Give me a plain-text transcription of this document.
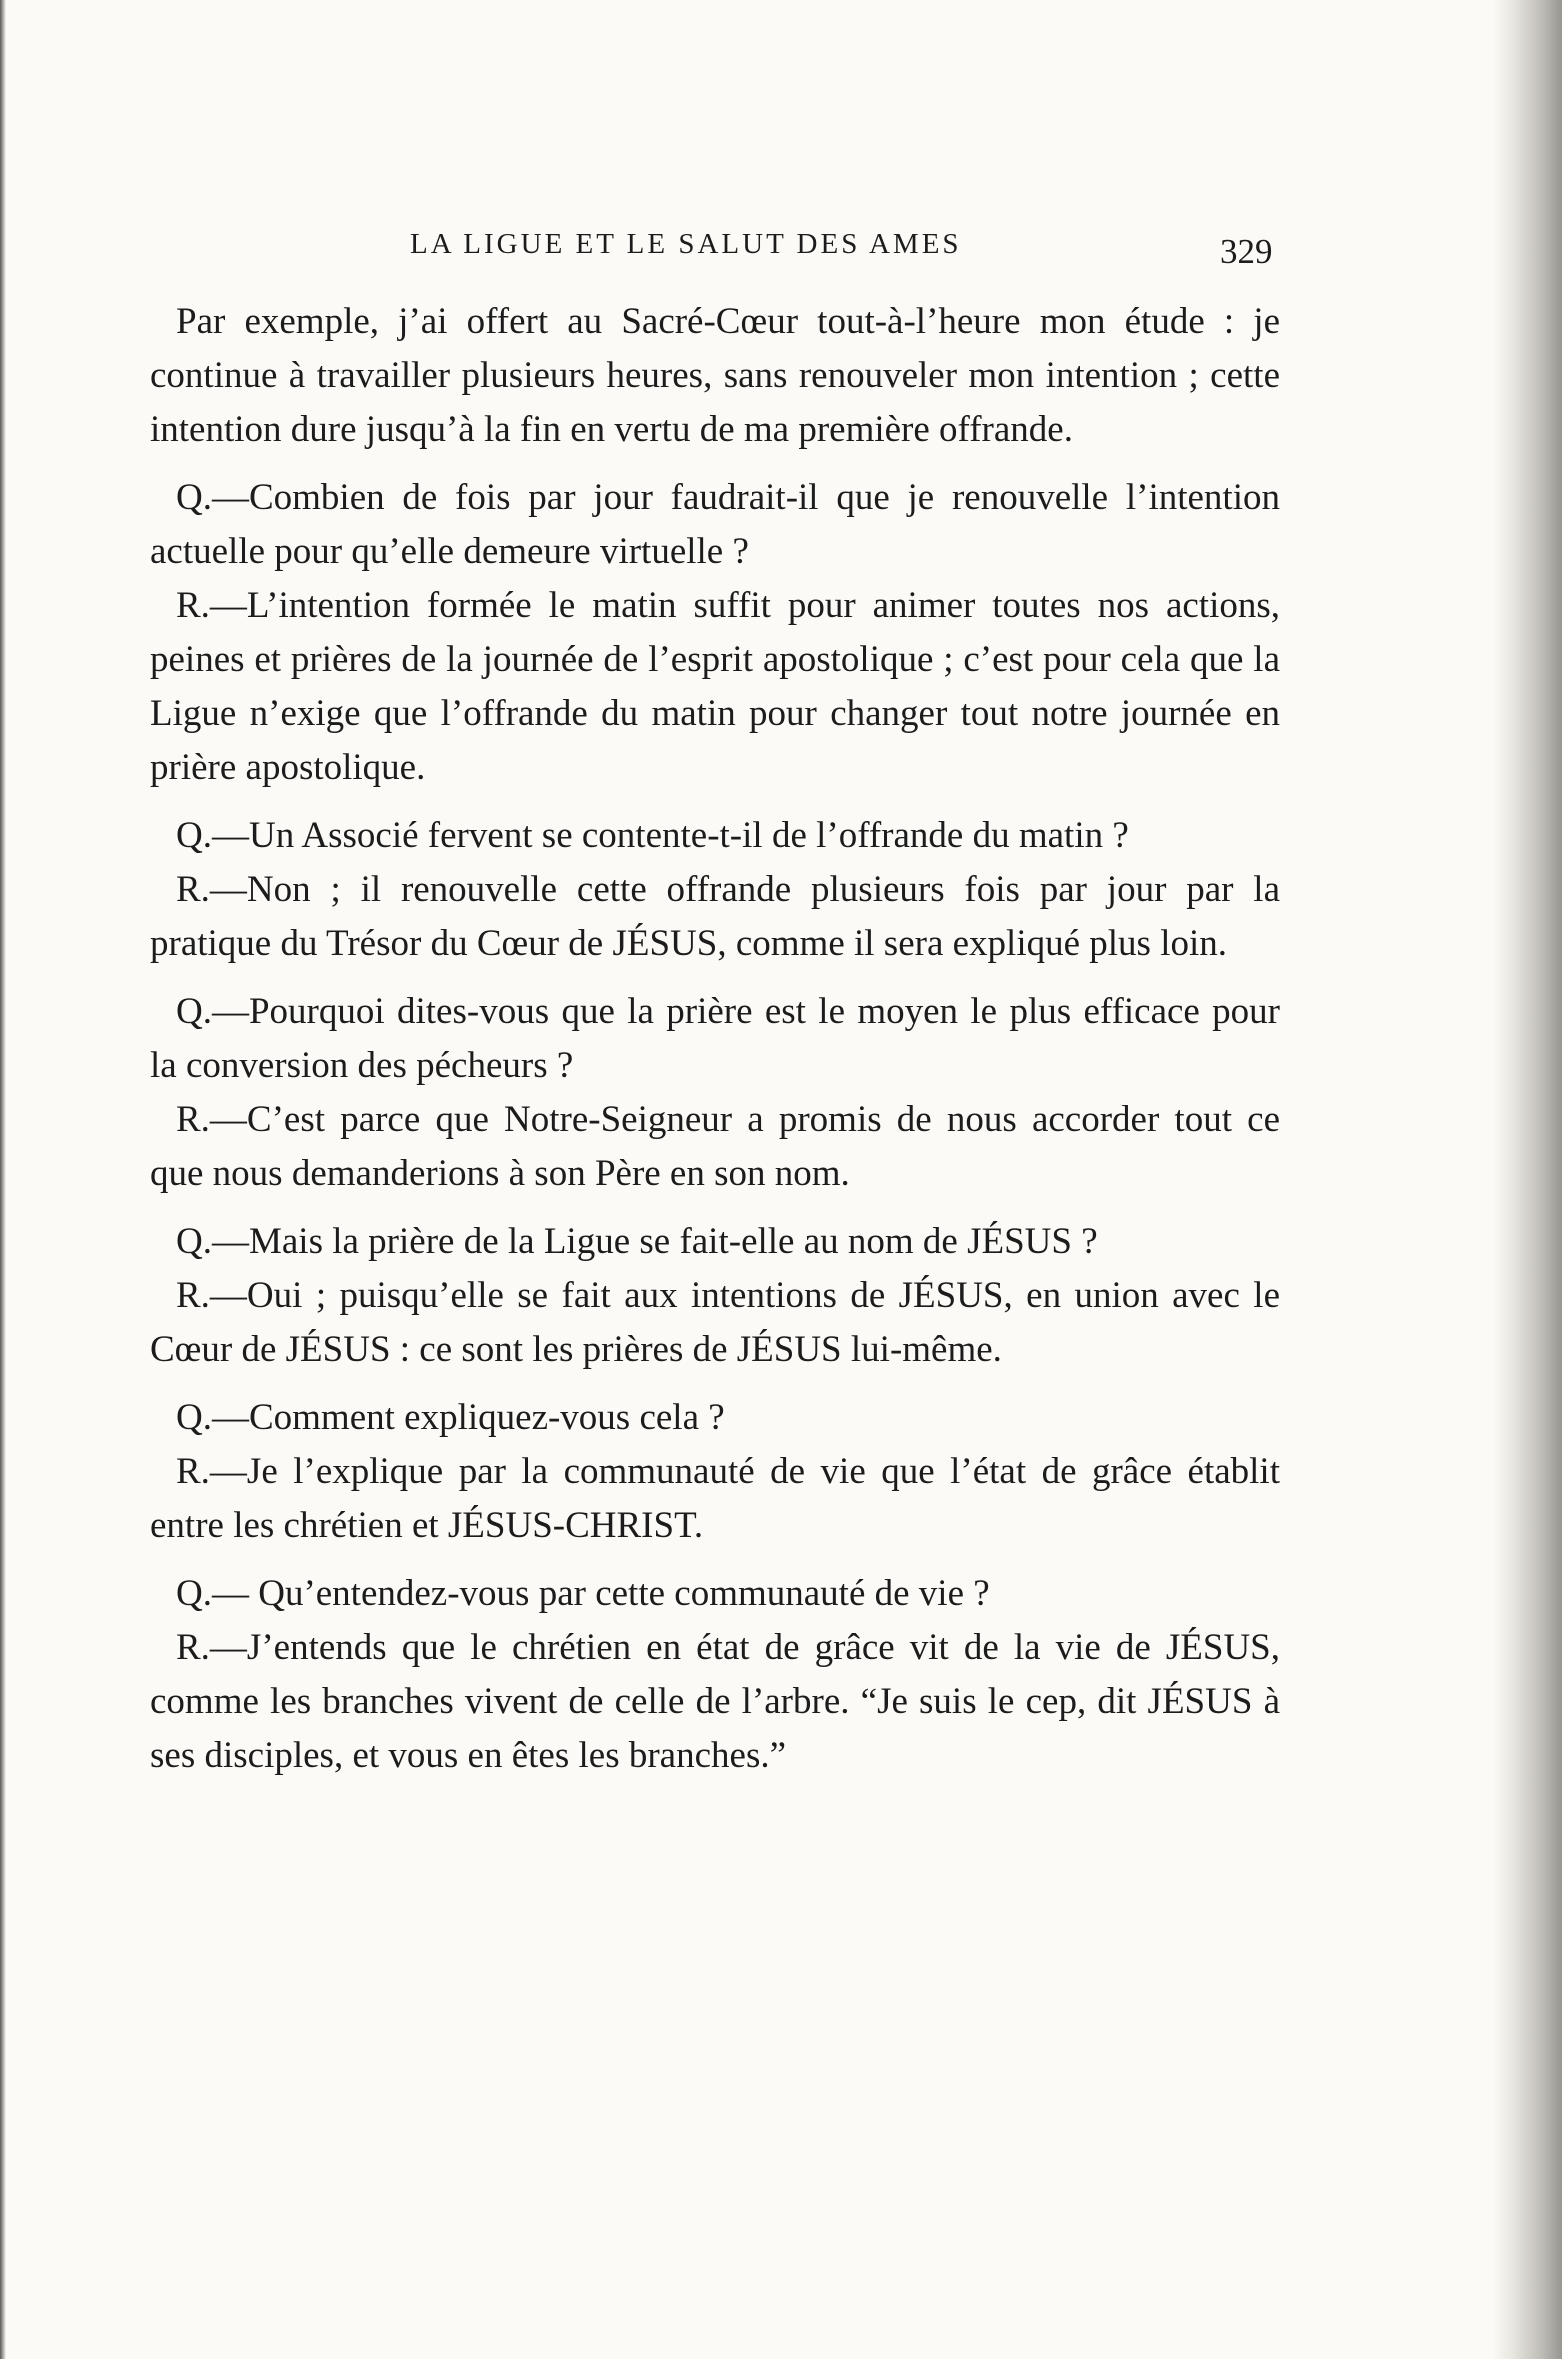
LA LIGUE ET LE SALUT DES AMES	329

Par exemple, j’ai offert au Sacré-Cœur tout-à-l’heure mon étude : je continue à travailler plusieurs heures, sans renouveler mon intention ; cette intention dure jusqu’à la fin en vertu de ma première offrande.

Q.—Combien de fois par jour faudrait-il que je renouvelle l’intention actuelle pour qu’elle demeure virtuelle ?

R.—L’intention formée le matin suffit pour animer toutes nos actions, peines et prières de la journée de l’esprit apostolique ; c’est pour cela que la Ligue n’exige que l’offrande du matin pour changer tout notre journée en prière apostolique.

Q.—Un Associé fervent se contente-t-il de l’offrande du matin ?

R.—Non ; il renouvelle cette offrande plusieurs fois par jour par la pratique du Trésor du Cœur de JÉSUS, comme il sera expliqué plus loin.

Q.—Pourquoi dites-vous que la prière est le moyen le plus efficace pour la conversion des pécheurs ?

R.—C’est parce que Notre-Seigneur a promis de nous accorder tout ce que nous demanderions à son Père en son nom.

Q.—Mais la prière de la Ligue se fait-elle au nom de JÉSUS ?

R.—Oui ; puisqu’elle se fait aux intentions de JÉSUS, en union avec le Cœur de JÉSUS : ce sont les prières de JÉSUS lui-même.

Q.—Comment expliquez-vous cela ?

R.—Je l’explique par la communauté de vie que l’état de grâce établit entre les chrétien et JÉSUS-CHRIST.

Q.— Qu’entendez-vous par cette communauté de vie ?

R.—J’entends que le chrétien en état de grâce vit de la vie de JÉSUS, comme les branches vivent de celle de l’arbre. “Je suis le cep, dit JÉSUS à ses disciples, et vous en êtes les branches.”
